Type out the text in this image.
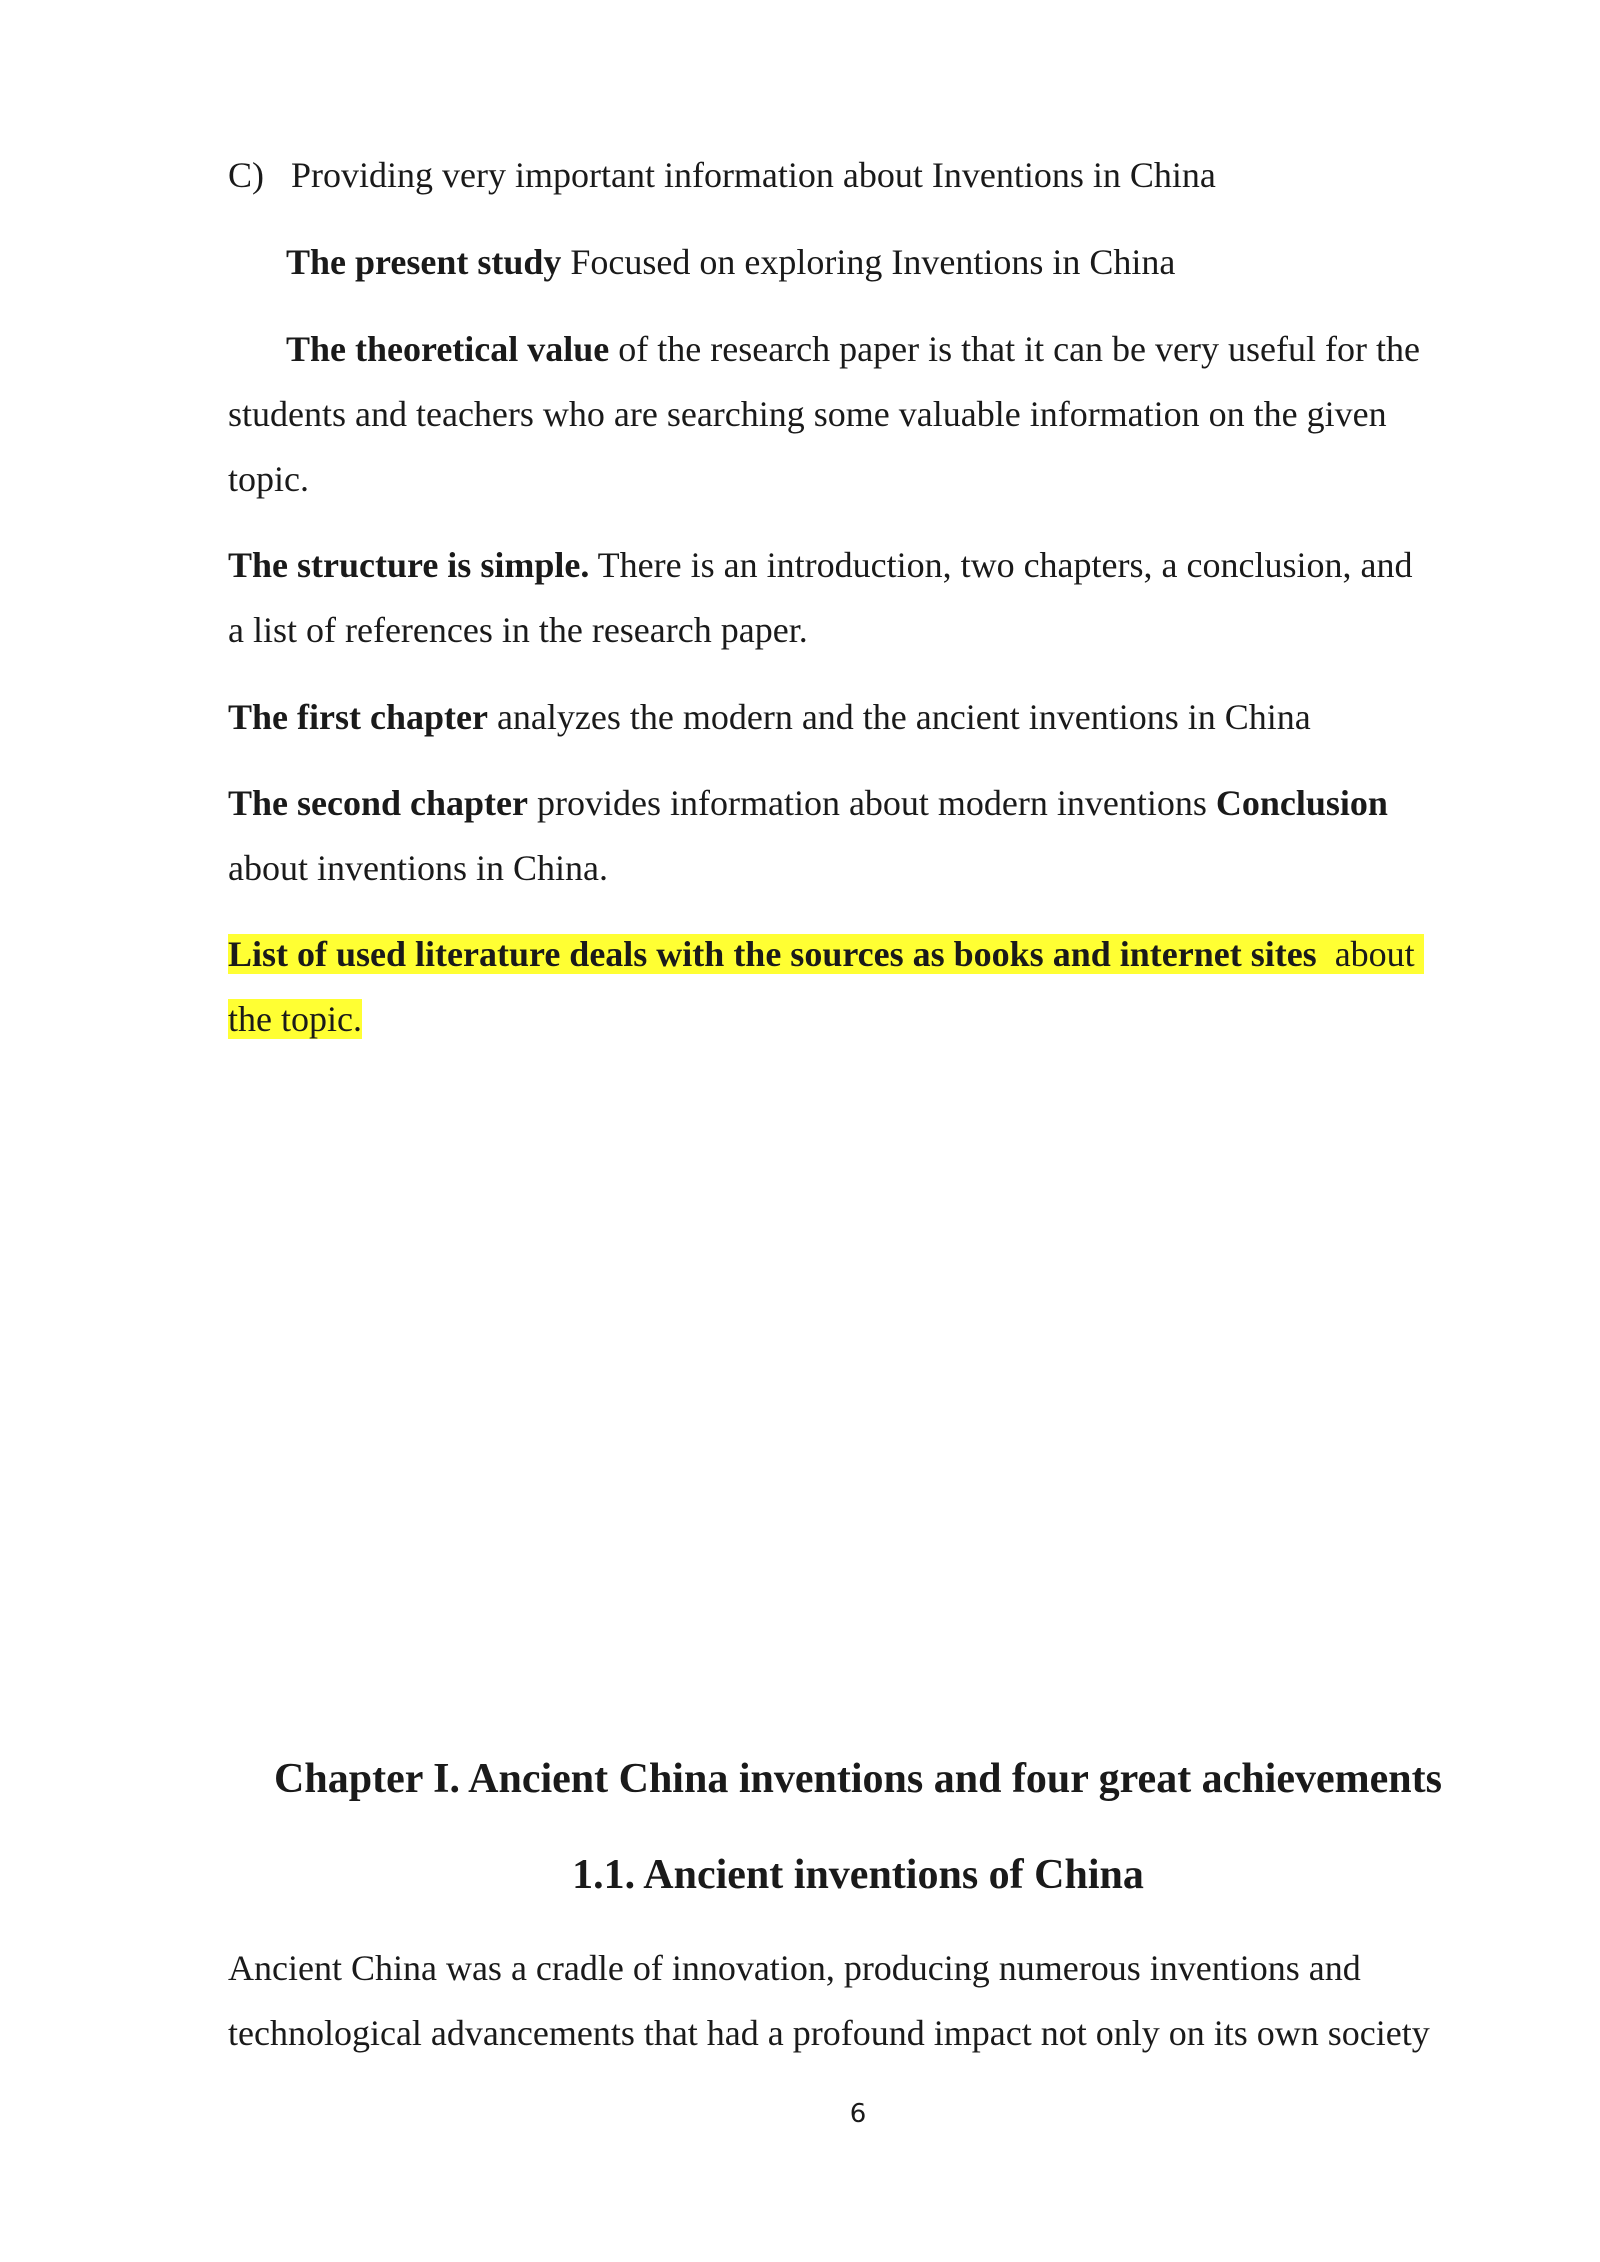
C) Providing very important information about Inventions in China
The present study Focused on exploring Inventions in China
The theoretical value of the research paper is that it can be very useful for the
students and teachers who are searching some valuable information on the given
topic.
The structure is simple. There is an introduction, two chapters, a conclusion, and
a list of references in the research paper.
The first chapter analyzes the modern and the ancient inventions in China
The second chapter provides information about modern inventions Conclusion
about inventions in China.
List of used literature deals with the sources as books and internet sites  about
the topic.
Chapter I. Ancient China inventions and four great achievements
1.1. Ancient inventions of China
Ancient China was a cradle of innovation, producing numerous inventions and
technological advancements that had a profound impact not only on its own society
6
